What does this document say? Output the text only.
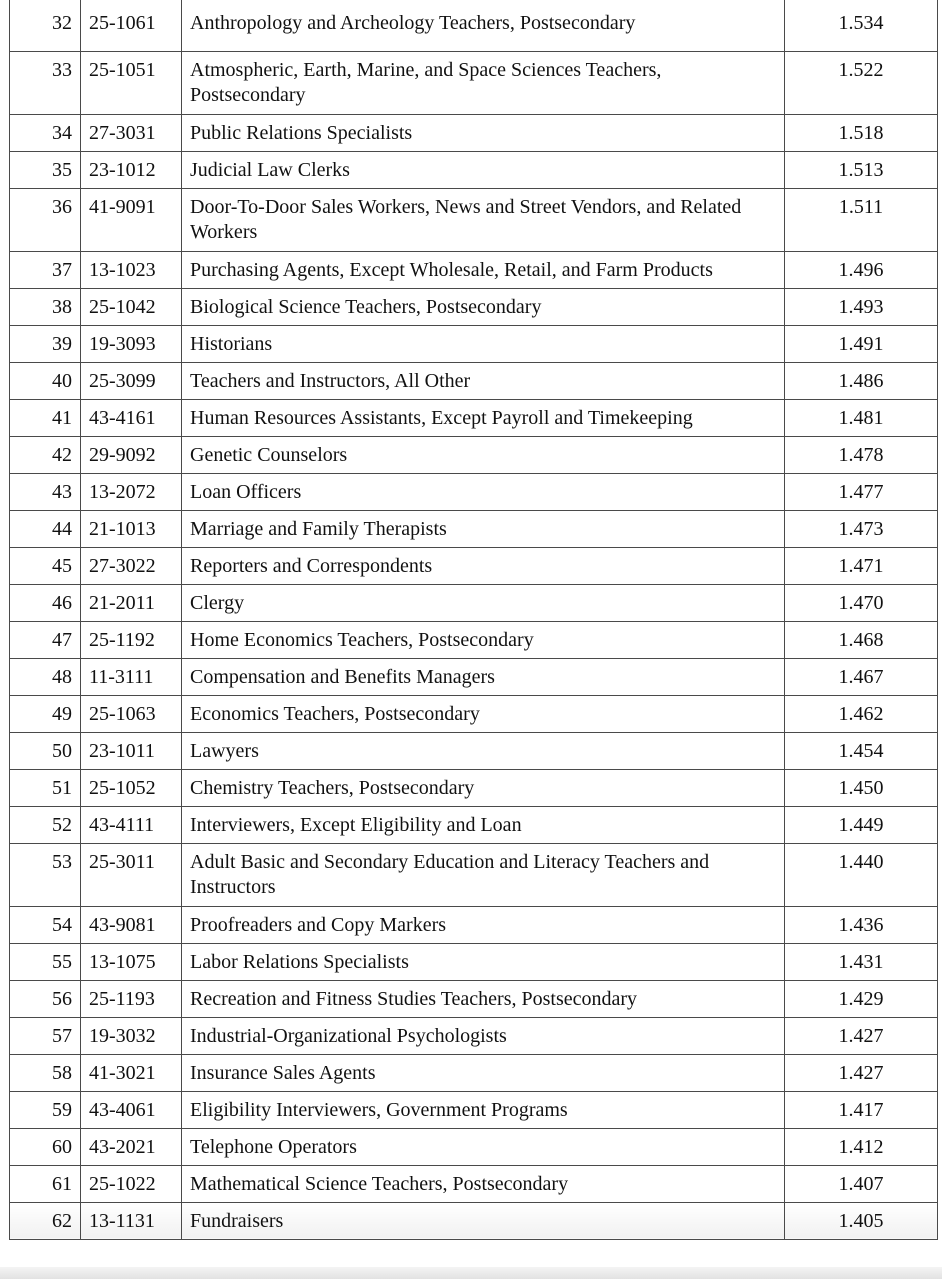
32	25-1061	Anthropology and Archeology Teachers, Postsecondary	1.534
33	25-1051	Atmospheric, Earth, Marine, and Space Sciences Teachers, Postsecondary	1.522
34	27-3031	Public Relations Specialists	1.518
35	23-1012	Judicial Law Clerks	1.513
36	41-9091	Door-To-Door Sales Workers, News and Street Vendors, and Related Workers	1.511
37	13-1023	Purchasing Agents, Except Wholesale, Retail, and Farm Products	1.496
38	25-1042	Biological Science Teachers, Postsecondary	1.493
39	19-3093	Historians	1.491
40	25-3099	Teachers and Instructors, All Other	1.486
41	43-4161	Human Resources Assistants, Except Payroll and Timekeeping	1.481
42	29-9092	Genetic Counselors	1.478
43	13-2072	Loan Officers	1.477
44	21-1013	Marriage and Family Therapists	1.473
45	27-3022	Reporters and Correspondents	1.471
46	21-2011	Clergy	1.470
47	25-1192	Home Economics Teachers, Postsecondary	1.468
48	11-3111	Compensation and Benefits Managers	1.467
49	25-1063	Economics Teachers, Postsecondary	1.462
50	23-1011	Lawyers	1.454
51	25-1052	Chemistry Teachers, Postsecondary	1.450
52	43-4111	Interviewers, Except Eligibility and Loan	1.449
53	25-3011	Adult Basic and Secondary Education and Literacy Teachers and Instructors	1.440
54	43-9081	Proofreaders and Copy Markers	1.436
55	13-1075	Labor Relations Specialists	1.431
56	25-1193	Recreation and Fitness Studies Teachers, Postsecondary	1.429
57	19-3032	Industrial-Organizational Psychologists	1.427
58	41-3021	Insurance Sales Agents	1.427
59	43-4061	Eligibility Interviewers, Government Programs	1.417
60	43-2021	Telephone Operators	1.412
61	25-1022	Mathematical Science Teachers, Postsecondary	1.407
62	13-1131	Fundraisers	1.405
